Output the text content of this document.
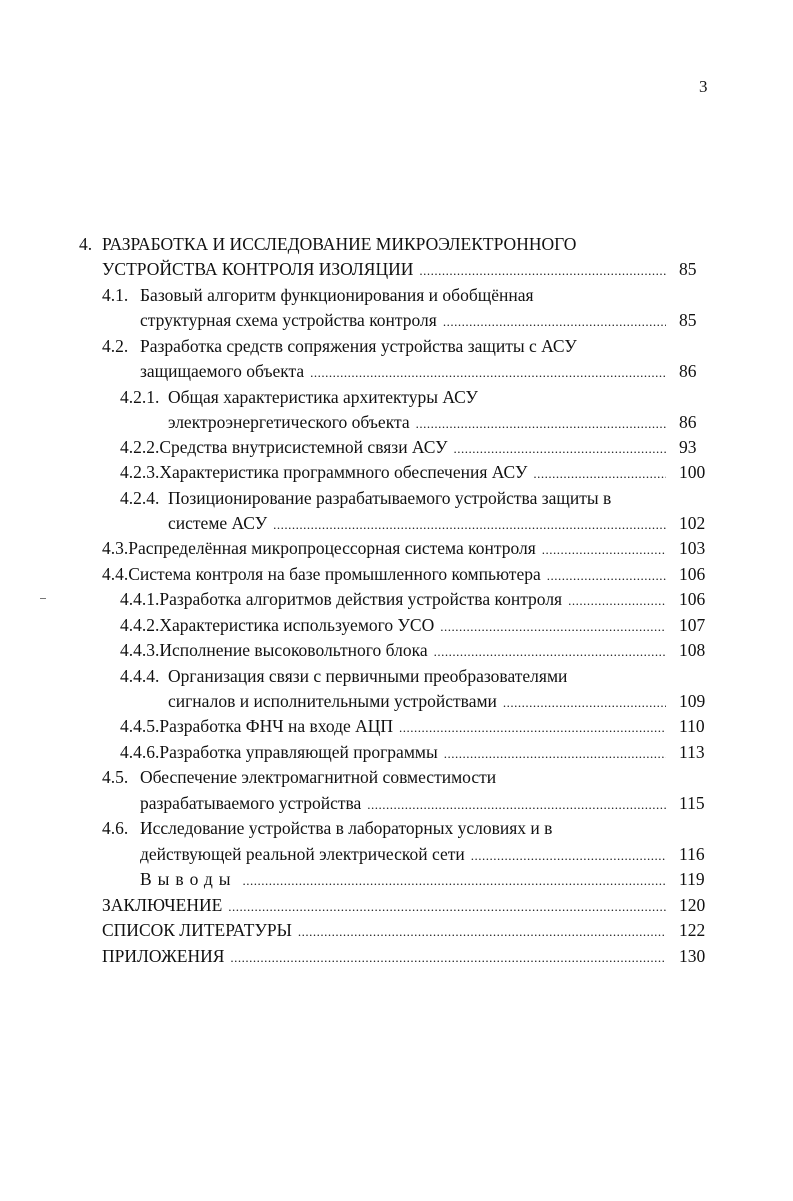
3
4. РАЗРАБОТКА И ИССЛЕДОВАНИЕ МИКРОЭЛЕКТРОННОГО
УСТРОЙСТВА КОНТРОЛЯ ИЗОЛЯЦИИ .....	85
4.1. Базовый алгоритм функционирования и обобщённая
структурная схема устройства контроля .....	85
4.2. Разработка средств сопряжения устройства защиты с АСУ
защищаемого объекта .....	86
4.2.1. Общая характеристика архитектуры АСУ
электроэнергетического объекта .....	86
4.2.2. Средства внутрисистемной связи АСУ .....	93
4.2.3. Характеристика программного обеспечения АСУ .....	100
4.2.4. Позиционирование разрабатываемого устройства защиты в
системе АСУ .....	102
4.3. Распределённая микропроцессорная система контроля .....	103
4.4. Система контроля на базе промышленного компьютера .....	106
4.4.1. Разработка алгоритмов действия устройства контроля .....	106
4.4.2. Характеристика используемого УСО .....	107
4.4.3. Исполнение высоковольтного блока .....	108
4.4.4. Организация связи с первичными преобразователями
сигналов и исполнительными устройствами .....	109
4.4.5. Разработка ФНЧ на входе АЦП .....	110
4.4.6. Разработка управляющей программы .....	113
4.5. Обеспечение электромагнитной совместимости
разрабатываемого устройства .....	115
4.6. Исследование устройства в лабораторных условиях и в
действующей реальной электрической сети .....	116
Выводы .....	119
ЗАКЛЮЧЕНИЕ .....	120
СПИСОК ЛИТЕРАТУРЫ .....	122
ПРИЛОЖЕНИЯ .....	130
